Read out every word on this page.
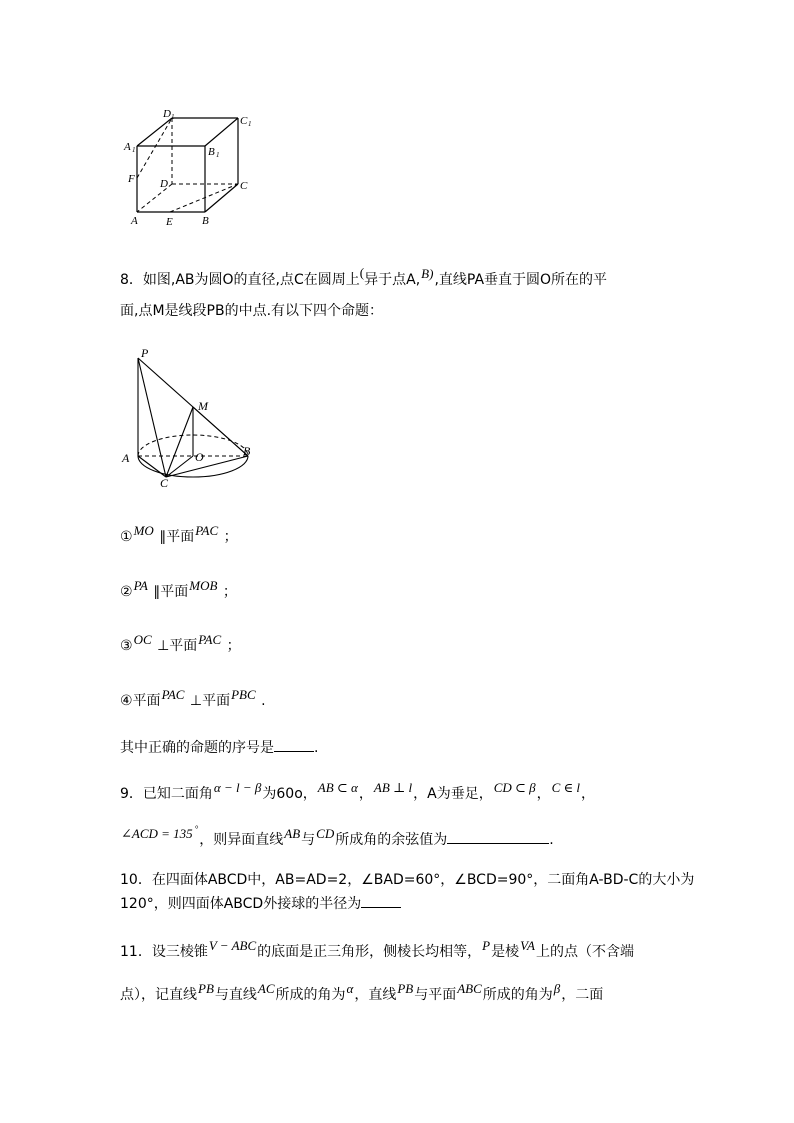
D 1	C 1
A 1	B 1
F D	C
A	E	B
8．如图,AB为圆O的直径,点C在圆周上(异于点A,B),直线PA垂直于圆O所在的平
面,点M是线段PB的中点.有以下四个命题：
P
M
A	O	B
C
①MO ∥平面PAC ；
②PA ∥平面MOB ；
③OC ⊥平面PAC ；
④平面PAC ⊥平面PBC .
其中正确的命题的序号是	.
9．已知二面角α − l − β为60o，AB ⊂ α，AB ⊥ l，A为垂足，CD ⊂ β，C ∈ l，
∠ACD = 135 °，则异面直线AB与CD所成角的余弦值为	.
10．在四面体ABCD中，AB=AD=2，∠BAD=60°，∠BCD=90°，二面角A-BD-C的大小为
120°，则四面体ABCD外接球的半径为
11．设三棱锥V − ABC的底面是正三角形，侧棱长均相等，P是棱VA上的点（不含端
点），记直线PB与直线AC所成的角为α，直线PB与平面ABC所成的角为β，二面
